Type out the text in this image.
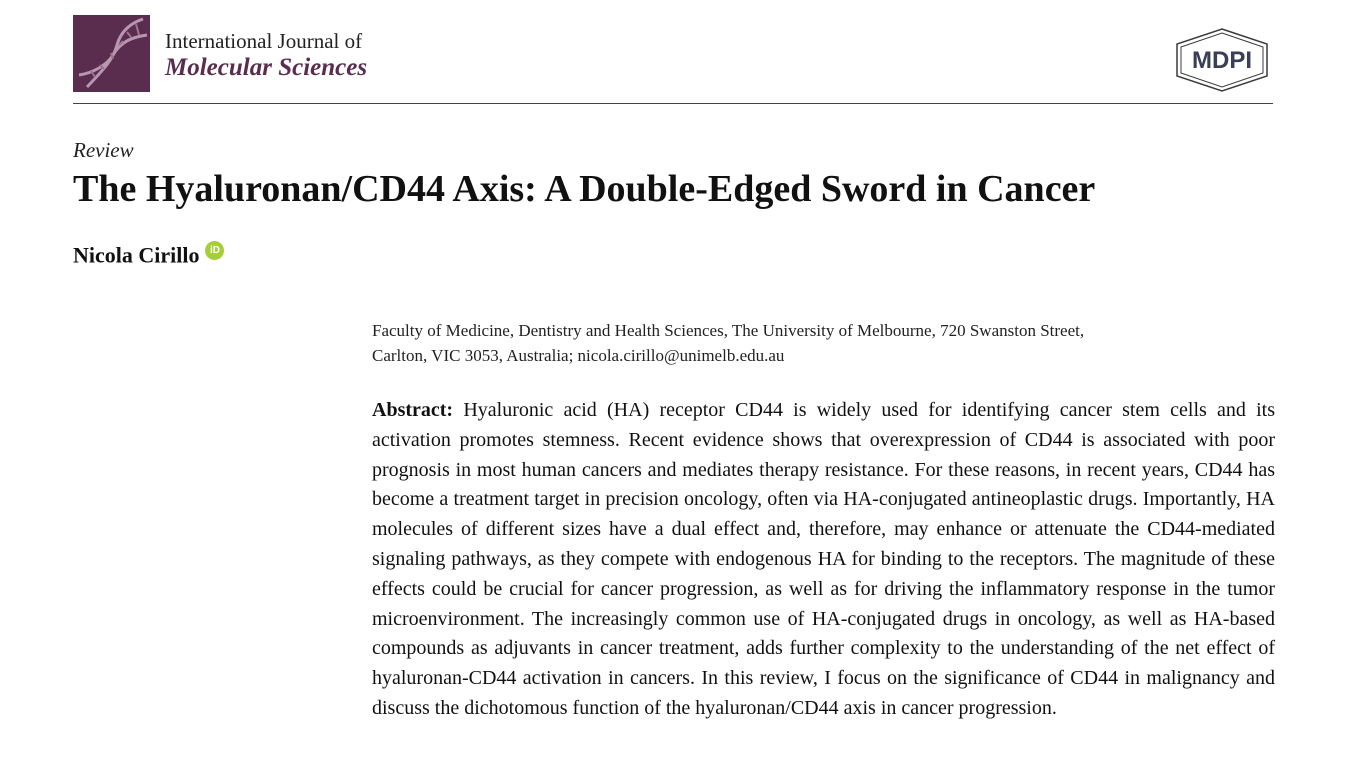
International Journal of
Molecular Sciences	MDPI
Review
The Hyaluronan/CD44 Axis: A Double-Edged Sword in Cancer
Nicola Cirillo iD
Faculty of Medicine, Dentistry and Health Sciences, The University of Melbourne, 720 Swanston Street,
Carlton, VIC 3053, Australia; nicola.cirillo@unimelb.edu.au

Abstract: Hyaluronic acid (HA) receptor CD44 is widely used for identifying cancer stem cells and its activation promotes stemness. Recent evidence shows that overexpression of CD44 is associated with poor prognosis in most human cancers and mediates therapy resistance. For these reasons, in recent years, CD44 has become a treatment target in precision oncology, often via HA-conjugated antineoplastic drugs. Importantly, HA molecules of different sizes have a dual effect and, therefore, may enhance or attenuate the CD44-mediated signaling pathways, as they compete with endogenous HA for binding to the receptors. The magnitude of these effects could be crucial for cancer progression, as well as for driving the inflammatory response in the tumor microenvironment. The increasingly common use of HA-conjugated drugs in oncology, as well as HA-based compounds as adjuvants in cancer treatment, adds further complexity to the understanding of the net effect of hyaluronan-CD44 activation in cancers. In this review, I focus on the significance of CD44 in malignancy and discuss the dichotomous function of the hyaluronan/CD44 axis in cancer progression.
